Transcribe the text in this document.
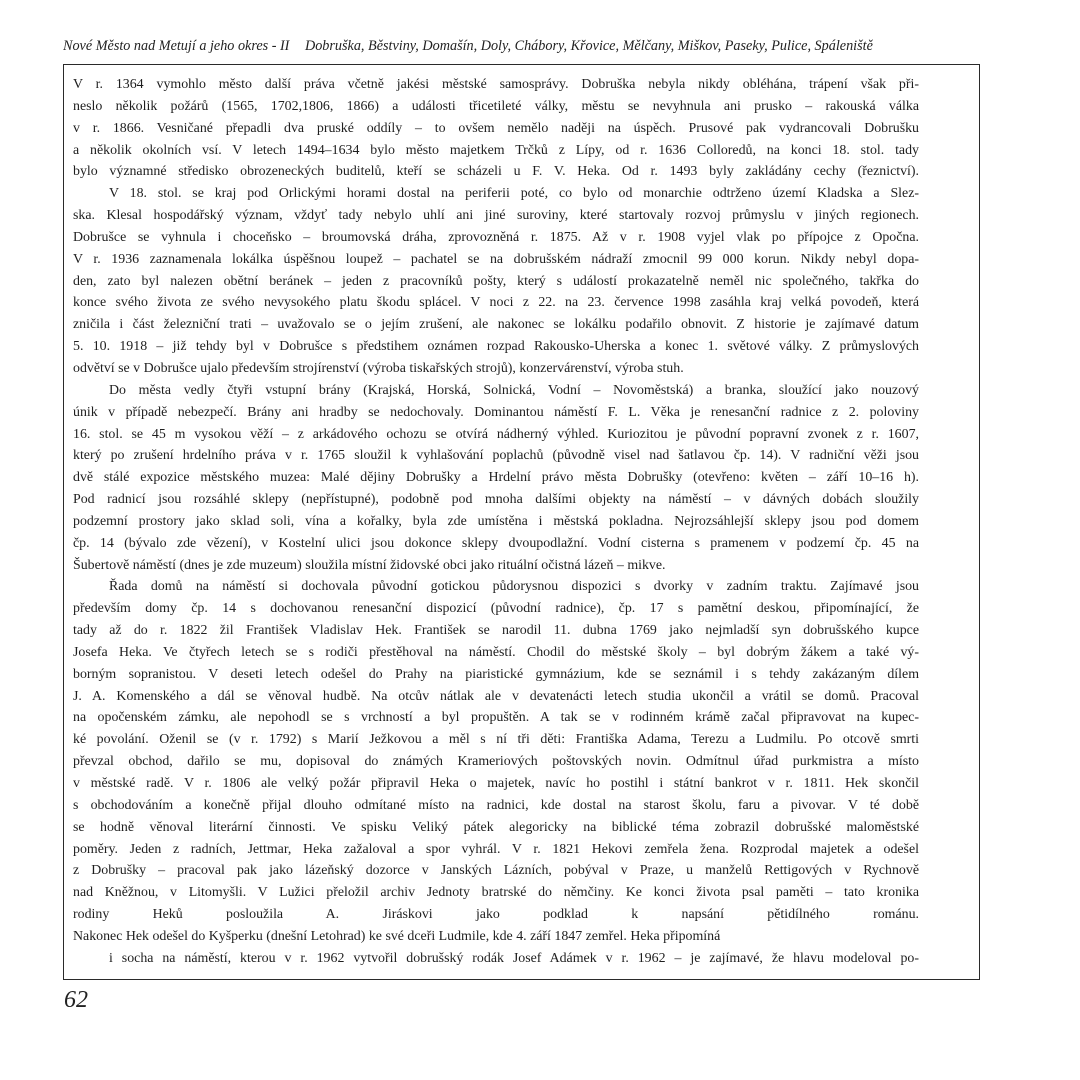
Nové Město nad Metují a jeho okres - II Dobruška, Běstviny, Domašín, Doly, Chábory, Křovice, Mělčany, Miškov, Paseky, Pulice, Spáleniště
V r. 1364 vymohlo město další práva včetně jakési městské samosprávy. Dobruška nebyla nikdy obléhána, trápení však při-
neslo několik požárů (1565, 1702,1806, 1866) a události třicetileté války, městu se nevyhnula ani prusko – rakouská válka
v r. 1866. Vesničané přepadli dva pruské oddíly – to ovšem nemělo naději na úspěch. Prusové pak vydrancovali Dobrušku
a několik okolních vsí. V letech 1494–1634 bylo město majetkem Trčků z Lípy, od r. 1636 Colloredů, na konci 18. stol. tady
bylo významné středisko obrozeneckých buditelů, kteří se scházeli u F. V. Heka. Od r. 1493 byly zakládány cechy (řeznictví).
V 18. stol. se kraj pod Orlickými horami dostal na periferii poté, co bylo od monarchie odtrženo území Kladska a Slez-
ska. Klesal hospodářský význam, vždyť tady nebylo uhlí ani jiné suroviny, které startovaly rozvoj průmyslu v jiných regionech.
Dobrušce se vyhnula i choceňsko – broumovská dráha, zprovozněná r. 1875. Až v r. 1908 vyjel vlak po přípojce z Opočna.
V r. 1936 zaznamenala lokálka úspěšnou loupež – pachatel se na dobrušském nádraží zmocnil 99 000 korun. Nikdy nebyl dopa-
den, zato byl nalezen obětní beránek – jeden z pracovníků pošty, který s událostí prokazatelně neměl nic společného, takřka do
konce svého života ze svého nevysokého platu škodu splácel. V noci z 22. na 23. července 1998 zasáhla kraj velká povodeň, která
zničila i část železniční trati – uvažovalo se o jejím zrušení, ale nakonec se lokálku podařilo obnovit. Z historie je zajímavé datum
5. 10. 1918 – již tehdy byl v Dobrušce s předstihem oznámen rozpad Rakousko-Uherska a konec 1. světové války. Z průmyslových
odvětví se v Dobrušce ujalo především strojírenství (výroba tiskařských strojů), konzervárenství, výroba stuh.
Do města vedly čtyři vstupní brány (Krajská, Horská, Solnická, Vodní – Novoměstská) a branka, sloužící jako nouzový
únik v případě nebezpečí. Brány ani hradby se nedochovaly. Dominantou náměstí F. L. Věka je renesanční radnice z 2. poloviny
16. stol. se 45 m vysokou věží – z arkádového ochozu se otvírá nádherný výhled. Kuriozitou je původní popravní zvonek z r. 1607,
který po zrušení hrdelního práva v r. 1765 sloužil k vyhlašování poplachů (původně visel nad šatlavou čp. 14). V radniční věži jsou
dvě stálé expozice městského muzea: Malé dějiny Dobrušky a Hrdelní právo města Dobrušky (otevřeno: květen – září 10–16 h).
Pod radnicí jsou rozsáhlé sklepy (nepřístupné), podobně pod mnoha dalšími objekty na náměstí – v dávných dobách sloužily
podzemní prostory jako sklad soli, vína a kořalky, byla zde umístěna i městská pokladna. Nejrozsáhlejší sklepy jsou pod domem
čp. 14 (bývalo zde vězení), v Kostelní ulici jsou dokonce sklepy dvoupodlažní. Vodní cisterna s pramenem v podzemí čp. 45 na
Šubertově náměstí (dnes je zde muzeum) sloužila místní židovské obci jako rituální očistná lázeň – mikve.
Řada domů na náměstí si dochovala původní gotickou půdorysnou dispozici s dvorky v zadním traktu. Zajímavé jsou
především domy čp. 14 s dochovanou renesanční dispozicí (původní radnice), čp. 17 s pamětní deskou, připomínající, že
tady až do r. 1822 žil František Vladislav Hek. František se narodil 11. dubna 1769 jako nejmladší syn dobrušského kupce
Josefa Heka. Ve čtyřech letech se s rodiči přestěhoval na náměstí. Chodil do městské školy – byl dobrým žákem a také vý-
borným sopranistou. V deseti letech odešel do Prahy na piaristické gymnázium, kde se seznámil i s tehdy zakázaným dílem
J. A. Komenského a dál se věnoval hudbě. Na otcův nátlak ale v devatenácti letech studia ukončil a vrátil se domů. Pracoval
na opočenském zámku, ale nepohodl se s vrchností a byl propuštěn. A tak se v rodinném krámě začal připravovat na kupec-
ké povolání. Oženil se (v r. 1792) s Marií Ježkovou a měl s ní tři děti: Františka Adama, Terezu a Ludmilu. Po otcově smrti
převzal obchod, dařilo se mu, dopisoval do známých Krameriových poštovských novin. Odmítnul úřad purkmistra a místo
v městské radě. V r. 1806 ale velký požár připravil Heka o majetek, navíc ho postihl i státní bankrot v r. 1811. Hek skončil
s obchodováním a konečně přijal dlouho odmítané místo na radnici, kde dostal na starost školu, faru a pivovar. V té době
se hodně věnoval literární činnosti. Ve spisku Veliký pátek alegoricky na biblické téma zobrazil dobrušské maloměstské
poměry. Jeden z radních, Jettmar, Heka zažaloval a spor vyhrál. V r. 1821 Hekovi zemřela žena. Rozprodal majetek a odešel
z Dobrušky – pracoval pak jako lázeňský dozorce v Janských Lázních, pobýval v Praze, u manželů Rettigových v Rychnově
nad Kněžnou, v Litomyšli. V Lužici přeložil archiv Jednoty bratrské do němčiny. Ke konci života psal paměti – tato kronika
rodiny Heků posloužila A. Jiráskovi jako podklad k napsání pětidílného románu.
Nakonec Hek odešel do Kyšperku (dnešní Letohrad) ke své dceři Ludmile, kde 4. září 1847 zemřel. Heka připomíná
i socha na náměstí, kterou v r. 1962 vytvořil dobrušský rodák Josef Adámek v r. 1962 – je zajímavé, že hlavu modeloval po-
62
